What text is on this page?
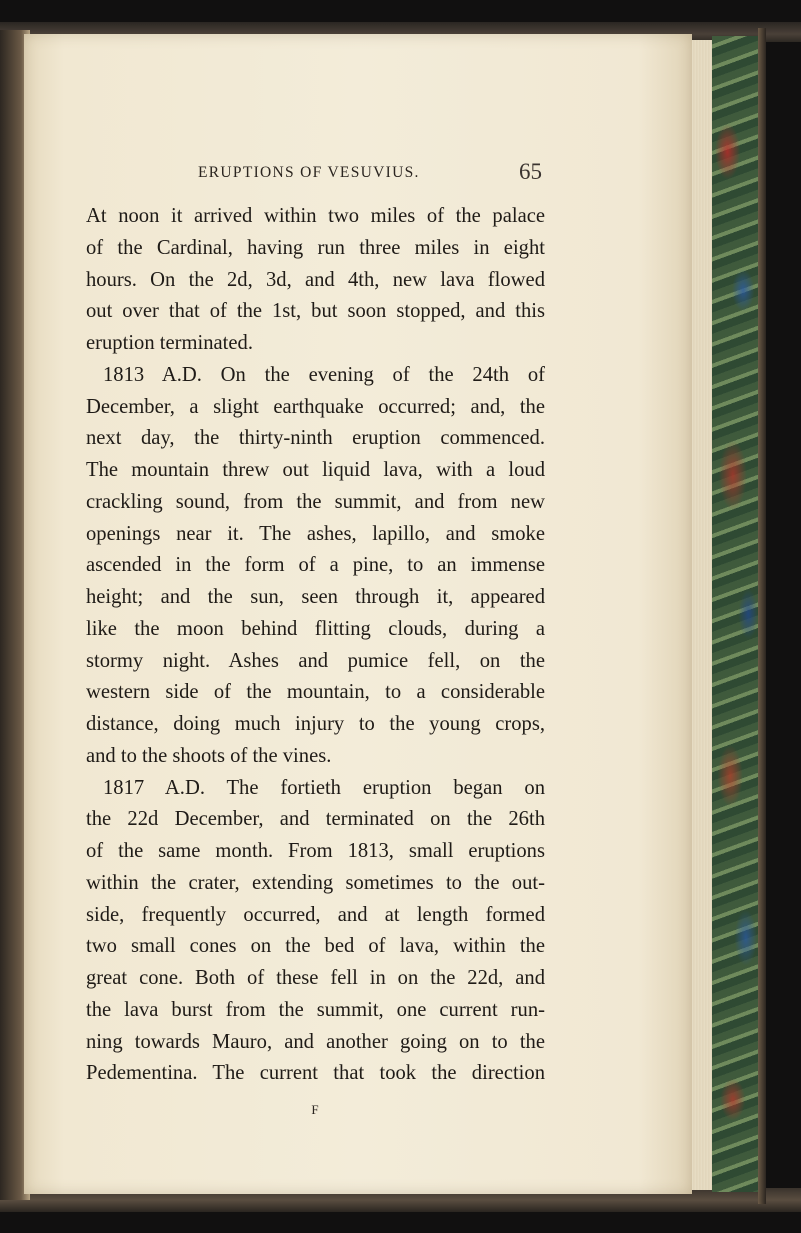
ERUPTIONS OF VESUVIUS.	65
At noon it arrived within two miles of the palace
of the Cardinal, having run three miles in eight
hours. On the 2d, 3d, and 4th, new lava flowed
out over that of the 1st, but soon stopped, and this
eruption terminated.
1813 A.D. On the evening of the 24th of
December, a slight earthquake occurred; and, the
next day, the thirty-ninth eruption commenced.
The mountain threw out liquid lava, with a loud
crackling sound, from the summit, and from new
openings near it. The ashes, lapillo, and smoke
ascended in the form of a pine, to an immense
height; and the sun, seen through it, appeared
like the moon behind flitting clouds, during a
stormy night. Ashes and pumice fell, on the
western side of the mountain, to a considerable
distance, doing much injury to the young crops,
and to the shoots of the vines.
1817 A.D. The fortieth eruption began on
the 22d December, and terminated on the 26th
of the same month. From 1813, small eruptions
within the crater, extending sometimes to the out-
side, frequently occurred, and at length formed
two small cones on the bed of lava, within the
great cone. Both of these fell in on the 22d, and
the lava burst from the summit, one current run-
ning towards Mauro, and another going on to the
Pedementina. The current that took the direction
F
